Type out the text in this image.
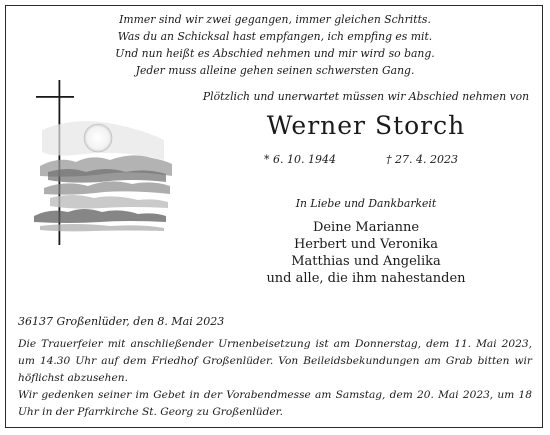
Immer sind wir zwei gegangen, immer gleichen Schritts.
Was du an Schicksal hast empfangen, ich empfing es mit.
Und nun heißt es Abschied nehmen und mir wird so bang.
Jeder muss alleine gehen seinen schwersten Gang.
Plötzlich und unerwartet müssen wir Abschied nehmen von
Werner Storch
* 6. 10. 1944	† 27. 4. 2023
In Liebe und Dankbarkeit
Deine Marianne
Herbert und Veronika
Matthias und Angelika
und alle, die ihm nahestanden
36137 Großenlüder, den 8. Mai 2023

Die Trauerfeier mit anschließender Urnenbeisetzung ist am Donnerstag, dem 11. Mai 2023, um 14.30 Uhr auf dem Friedhof Großenlüder. Von Beileidsbekundungen am Grab bitten wir höflichst abzusehen.

Wir gedenken seiner im Gebet in der Vorabendmesse am Samstag, dem 20. Mai 2023, um 18 Uhr in der Pfarrkirche St. Georg zu Großenlüder.
